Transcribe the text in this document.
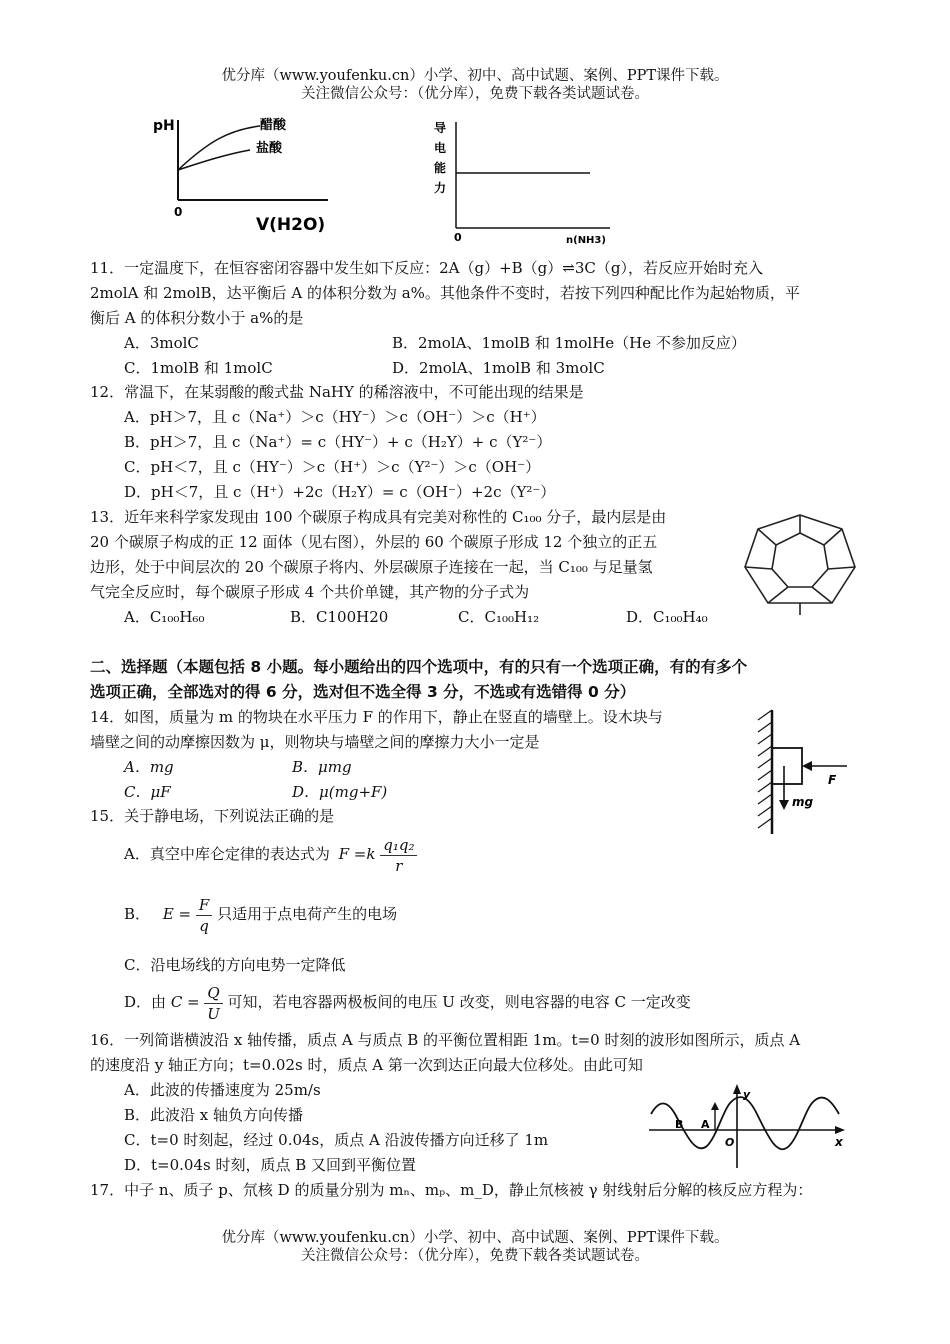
优分库（www.youfenku.cn）小学、初中、高中试题、案例、PPT课件下载。
关注微信公众号：（优分库），免费下载各类试题试卷。
pH
0
V(H2O)
醋酸
盐酸
导
电
能
力
0	n(NH3)
11．一定温度下，在恒容密闭容器中发生如下反应：2A（g）+B（g）⇌3C（g），若反应开始时充入
2molA 和 2molB，达平衡后 A 的体积分数为 a%。其他条件不变时，若按下列四种配比作为起始物质，平
衡后 A 的体积分数小于 a%的是
A．3molC	B．2molA、1molB 和 1molHe（He 不参加反应）
C．1molB 和 1molC	D．2molA、1molB 和 3molC
12．常温下，在某弱酸的酸式盐 NaHY 的稀溶液中，不可能出现的结果是
A．pH＞7，且 c（Na⁺）＞c（HY⁻）＞c（OH⁻）＞c（H⁺）
B．pH＞7，且 c（Na⁺）= c（HY⁻）+ c（H₂Y）+ c（Y²⁻）
C．pH＜7，且 c（HY⁻）＞c（H⁺）＞c（Y²⁻）＞c（OH⁻）
D．pH＜7，且 c（H⁺）+2c（H₂Y）= c（OH⁻）+2c（Y²⁻）
13．近年来科学家发现由 100 个碳原子构成具有完美对称性的 C₁₀₀ 分子，最内层是由
20 个碳原子构成的正 12 面体（见右图），外层的 60 个碳原子形成 12 个独立的正五
边形，处于中间层次的 20 个碳原子将内、外层碳原子连接在一起，当 C₁₀₀ 与足量氢
气完全反应时，每个碳原子形成 4 个共价单键，其产物的分子式为
A．C₁₀₀H₆₀	B．C100H20	C．C₁₀₀H₁₂	D．C₁₀₀H₄₀
二、选择题（本题包括 8 小题。每小题给出的四个选项中，有的只有一个选项正确，有的有多个
选项正确，全部选对的得 6 分，选对但不选全得 3 分，不选或有选错得 0 分）
14．如图，质量为 m 的物块在水平压力 F 的作用下，静止在竖直的墙壁上。设木块与
墙壁之间的动摩擦因数为 μ，则物块与墙壁之间的摩擦力大小一定是
A．mg	B．μmg
C．μF	D．μ(mg+F)
F
mg
15．关于静电场，下列说法正确的是
A．真空中库仑定律的表达式为 $F =k \frac{\text{q₁q₂}}{r}$
B． $E = \frac{F}{q}$ 只适用于点电荷产生的电场
C．沿电场线的方向电势一定降低
D．由 $C = \frac{Q}{U}$ 可知，若电容器两极板间的电压 U 改变，则电容器的电容 C 一定改变
16．一列简谐横波沿 x 轴传播，质点 A 与质点 B 的平衡位置相距 1m。t=0 时刻的波形如图所示，质点 A
的速度沿 y 轴正方向；t=0.02s 时，质点 A 第一次到达正向最大位移处。由此可知
A．此波的传播速度为 25m/s
B．此波沿 x 轴负方向传播
C．t=0 时刻起，经过 0.04s，质点 A 沿波传播方向迁移了 1m
D．t=0.04s 时刻，质点 B 又回到平衡位置
y
x
O
A
B
17．中子 n、质子 p、氘核 D 的质量分别为 mₙ、mₚ、m_D，静止氘核被 γ 射线射后分解的核反应方程为：
优分库（www.youfenku.cn）小学、初中、高中试题、案例、PPT课件下载。
关注微信公众号：（优分库），免费下载各类试题试卷。
